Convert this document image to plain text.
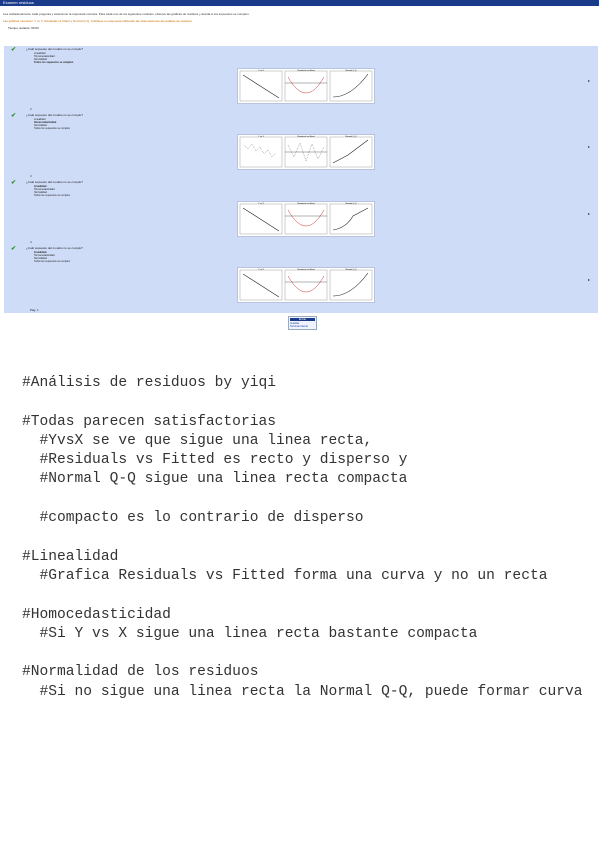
Examen residuos
Lea cuidadosamente cada pregunta y seleccione la respuesta correcta. Para cada uno de los siguientes modelos, observe las gráficas de residuos y decida si los supuestos se cumplen.
Las gráficas muestran: Y vs X, Residuals vs Fitted y Normal Q-Q. Justifique su respuesta utilizando las observaciones del análisis de residuos.
Tiempo restante: 00:00
✔	¿Cuál supuesto del modelo no se cumple?
Linealidad
Homocedasticidad
Normalidad
Todos los supuestos se cumplen
▸
Y vs X	Residuals vs Fitted	Normal Q-Q
2
✔	¿Cuál supuesto del modelo no se cumple?
Linealidad
Homocedasticidad
Normalidad
Todos los supuestos se cumplen
▸
Y vs X	Residuals vs Fitted	Normal Q-Q
3
✔	¿Cuál supuesto del modelo no se cumple?
Linealidad
Homocedasticidad
Normalidad
Todos los supuestos se cumplen
▸
Y vs X	Residuals vs Fitted	Normal Q-Q
4
✔	¿Cuál supuesto del modelo no se cumple?
Linealidad
Homocedasticidad
Normalidad
Todos los supuestos se cumplen
▸
Y vs X	Residuals vs Fitted	Normal Q-Q
Pág. 1
Enviar
Guardar
Terminar intento
#Análisis de residuos by yiqi

#Todas parecen satisfactorias
#YvsX se ve que sigue una linea recta,
#Residuals vs Fitted es recto y disperso y
#Normal Q-Q sigue una linea recta compacta

#compacto es lo contrario de disperso

#Linealidad
#Grafica Residuals vs Fitted forma una curva y no un recta

#Homocedasticidad
#Si Y vs X sigue una linea recta bastante compacta

#Normalidad de los residuos
#Si no sigue una linea recta la Normal Q-Q, puede formar curva
